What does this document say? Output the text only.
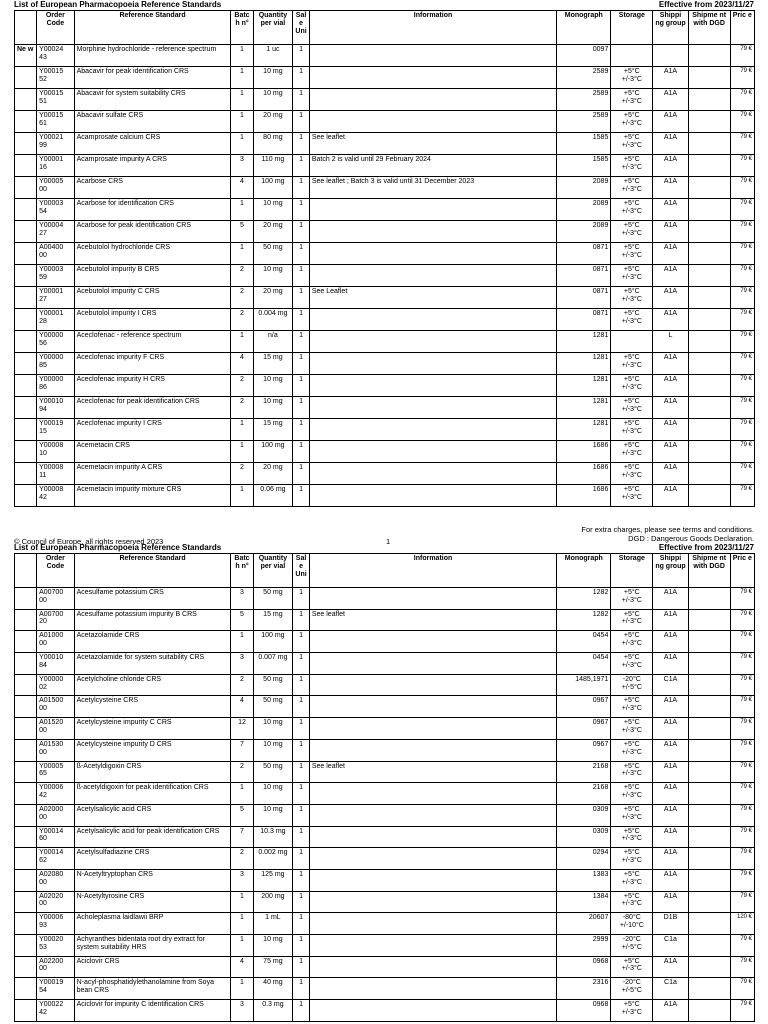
List of European Pharmacopoeia Reference Standards	Effective from 2023/11/27
	Order Code	Reference Standard	Batc h n°	Quantity per vial	Sal e Uni	Information	Monograph	Storage	Shippi ng group	Shipme nt with DGD	Pric e
Ne w	Y00024 43	Morphine hydrochloride - reference spectrum	1	1 uc	1		0097				79 €
	Y00015 52	Abacavir for peak identification CRS	1	10 mg	1		2589	+5°C +/-3°C	A1A		79 €
	Y00015 51	Abacavir for system suitability CRS	1	10 mg	1		2589	+5°C +/-3°C	A1A		79 €
	Y00015 61	Abacavir sulfate CRS	1	20 mg	1		2589	+5°C +/-3°C	A1A		79 €
	Y00021 99	Acamprosate calcium CRS	1	80 mg	1	See leaflet	1585	+5°C +/-3°C	A1A		79 €
	Y00001 16	Acamprosate impurity A CRS	3	110 mg	1	Batch 2 is valid until 29 February 2024	1585	+5°C +/-3°C	A1A		79 €
	Y00005 00	Acarbose CRS	4	100 mg	1	See leaflet ; Batch 3 is valid until 31 December 2023	2089	+5°C +/-3°C	A1A		79 €
	Y00003 54	Acarbose for identification CRS	1	10 mg	1		2089	+5°C +/-3°C	A1A		79 €
	Y00004 27	Acarbose for peak identification CRS	5	20 mg	1		2089	+5°C +/-3°C	A1A		79 €
	A00400 00	Acebutolol hydrochloride CRS	1	50 mg	1		0871	+5°C +/-3°C	A1A		79 €
	Y00003 59	Acebutolol impurity B CRS	2	10 mg	1		0871	+5°C +/-3°C	A1A		79 €
	Y00001 27	Acebutolol impurity C CRS	2	20 mg	1	See Leaflet	0871	+5°C +/-3°C	A1A		79 €
	Y00001 28	Acebutolol impurity I CRS	2	0.004 mg	1		0871	+5°C +/-3°C	A1A		79 €
	Y00000 56	Aceclofenac - reference spectrum	1	n/a	1		1281		L		79 €
	Y00000 85	Aceclofenac impurity F CRS	4	15 mg	1		1281	+5°C +/-3°C	A1A		79 €
	Y00000 86	Aceclofenac impurity H CRS	2	10 mg	1		1281	+5°C +/-3°C	A1A		79 €
	Y00010 94	Aceclofenac for peak identification CRS	2	10 mg	1		1281	+5°C +/-3°C	A1A		79 €
	Y00019 15	Aceclofenac impurity I CRS	1	15 mg	1		1281	+5°C +/-3°C	A1A		79 €
	Y00008 10	Acemetacin CRS	1	100 mg	1		1686	+5°C +/-3°C	A1A		79 €
	Y00008 11	Acemetacin impurity A CRS	2	20 mg	1		1686	+5°C +/-3°C	A1A		79 €
	Y00008 42	Acemetacin impurity mixture CRS	1	0.06 mg	1		1686	+5°C +/-3°C	A1A		79 €
For extra charges, please see terms and conditions.
DGD : Dangerous Goods Declaration.
© Council of Europe, all rights reserved 2023	1
List of European Pharmacopoeia Reference Standards	Effective from 2023/11/27
	Order Code	Reference Standard	Batc h n°	Quantity per vial	Sal e Uni	Information	Monograph	Storage	Shippi ng group	Shipme nt with DGD	Pric e
	A00700 00	Acesulfame potassium CRS	3	50 mg	1		1282	+5°C +/-3°C	A1A		79 €
	A00700 20	Acesulfame potassium impurity B CRS	5	15 mg	1	See leaflet	1282	+5°C +/-3°C	A1A		79 €
	A01000 00	Acetazolamide CRS	1	100 mg	1		0454	+5°C +/-3°C	A1A		79 €
	Y00010 84	Acetazolamide for system suitability CRS	3	0.007 mg	1		0454	+5°C +/-3°C	A1A		79 €
	Y00000 02	Acetylcholine chloride CRS	2	50 mg	1		1485,1971	-20°C +/-5°C	C1A		79 €
	A01500 00	Acetylcysteine CRS	4	50 mg	1		0967	+5°C +/-3°C	A1A		79 €
	A01520 00	Acetylcysteine impurity C CRS	12	10 mg	1		0967	+5°C +/-3°C	A1A		79 €
	A01530 00	Acetylcysteine impurity D CRS	7	10 mg	1		0967	+5°C +/-3°C	A1A		79 €
	Y00005 65	ß-Acetyldigoxin CRS	2	50 mg	1	See leaflet	2168	+5°C +/-3°C	A1A		79 €
	Y00006 42	ß-acetyldigoxin for peak identification CRS	1	10 mg	1		2168	+5°C +/-3°C	A1A		79 €
	A02000 00	Acetylsalicylic acid CRS	5	10 mg	1		0309	+5°C +/-3°C	A1A		79 €
	Y00014 60	Acetylsalicylic acid for peak identification CRS	7	10.3 mg	1		0309	+5°C +/-3°C	A1A		79 €
	Y00014 62	Acetylsulfadiazine CRS	2	0.002 mg	1		0294	+5°C +/-3°C	A1A		79 €
	A02080 00	N-Acetyltryptophan CRS	3	125 mg	1		1383	+5°C +/-3°C	A1A		79 €
	A02020 00	N-Acetyltyrosine CRS	1	200 mg	1		1384	+5°C +/-3°C	A1A		79 €
	Y00006 93	Acholeplasma laidlawii BRP	1	1 mL	1		20607	-80°C +/-10°C	D1B		120 €
	Y00020 53	Achyranthes bidentata root dry extract for system suitability HRS	1	10 mg	1		2999	-20°C +/-5°C	C1a		79 €
	A02200 00	Aciclovir CRS	4	75 mg	1		0968	+5°C +/-3°C	A1A		79 €
	Y00019 54	N-acyl-phosphatidylethanolamine from Soya bean CRS	1	40 mg	1		2316	-20°C +/-5°C	C1a		79 €
	Y00022 42	Aciclovir for impurity C identification CRS	3	0.3 mg	1		0968	+5°C +/-3°C	A1A		79 €
